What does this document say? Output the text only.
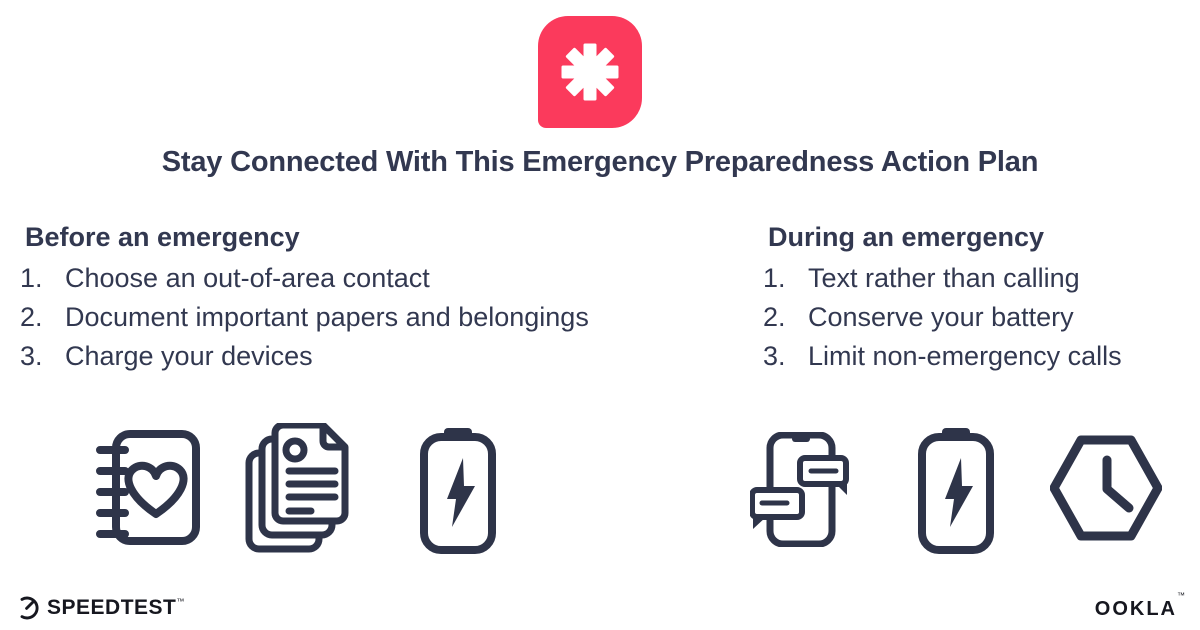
Stay Connected With This Emergency Preparedness Action Plan
Before an emergency
1. Choose an out-of-area contact
2. Document important papers and belongings
3. Charge your devices
During an emergency
1. Text rather than calling
2. Conserve your battery
3. Limit non-emergency calls
SPEEDTEST ™	OOKLA
™
